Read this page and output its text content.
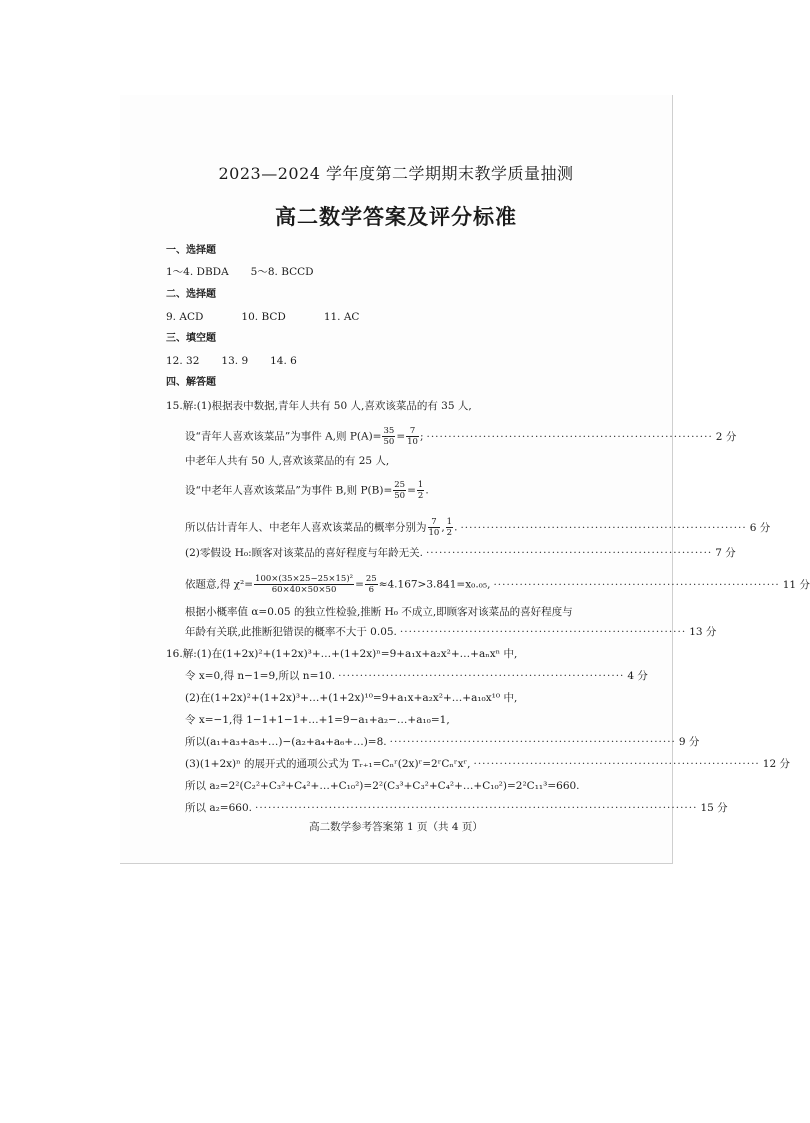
2023—2024 学年度第二学期期末教学质量抽测
高二数学答案及评分标准
一、选择题
1～4. DBDA 5～8. BCCD
二、选择题
9. ACD	10. BCD	11. AC
三、填空题
12. 32 13. 9 14. 6
四、解答题
15.解:(1)根据表中数据,青年人共有 50 人,喜欢该菜品的有 35 人,
设“青年人喜欢该菜品”为事件 A,则 $P(A)= \frac{35}{50} = \frac{7}{10}$ ; ·································································· 2 分
中老年人共有 50 人,喜欢该菜品的有 25 人,
设“中老年人喜欢该菜品”为事件 B,则 $P(B)= \frac{25}{50} = \frac{1}{2}$ .
所以估计青年人、中老年人喜欢该菜品的概率分别为 $\frac{7}{10}$ , $\frac{1}{2}$ . ·································································· 6 分
(2)零假设 H₀:顾客对该菜品的喜好程度与年龄无关. ·································································· 7 分
依题意,得 $\chi^2= \frac{\text{100×(35×25−25×15)²}}{60\times 40\times 50\times 50} = \frac{25}{6} \approx 4.167>3.841=x_0._{05}$, ·································································· 11 分
根据小概率值 α=0.05 的独立性检验,推断 H₀ 不成立,即顾客对该菜品的喜好程度与
年龄有关联,此推断犯错误的概率不大于 0.05. ·································································· 13 分
16.解:(1)在(1+2x)²+(1+2x)³+…+(1+2x)ⁿ=9+a₁x+a₂x²+…+aₙxⁿ 中,
令 x=0,得 n−1=9,所以 n=10. ·································································· 4 分
(2)在(1+2x)²+(1+2x)³+…+(1+2x)¹⁰=9+a₁x+a₂x²+…+a₁₀x¹⁰ 中,
令 x=−1,得 1−1+1−1+…+1=9−a₁+a₂−…+a₁₀=1,
所以(a₁+a₃+a₅+…)−(a₂+a₄+a₆+…)=8. ·································································· 9 分
(3)(1+2x)ⁿ 的展开式的通项公式为 Tᵣ₊₁=Cₙʳ(2x)ʳ=2ʳCₙʳxʳ, ·································································· 12 分
所以 a₂=2²(C₂²+C₃²+C₄²+…+C₁₀²)=2²(C₃³+C₃²+C₄²+…+C₁₀²)=2²C₁₁³=660.
所以 a₂=660. ······································································································ 15 分
高二数学参考答案第 1 页（共 4 页）
